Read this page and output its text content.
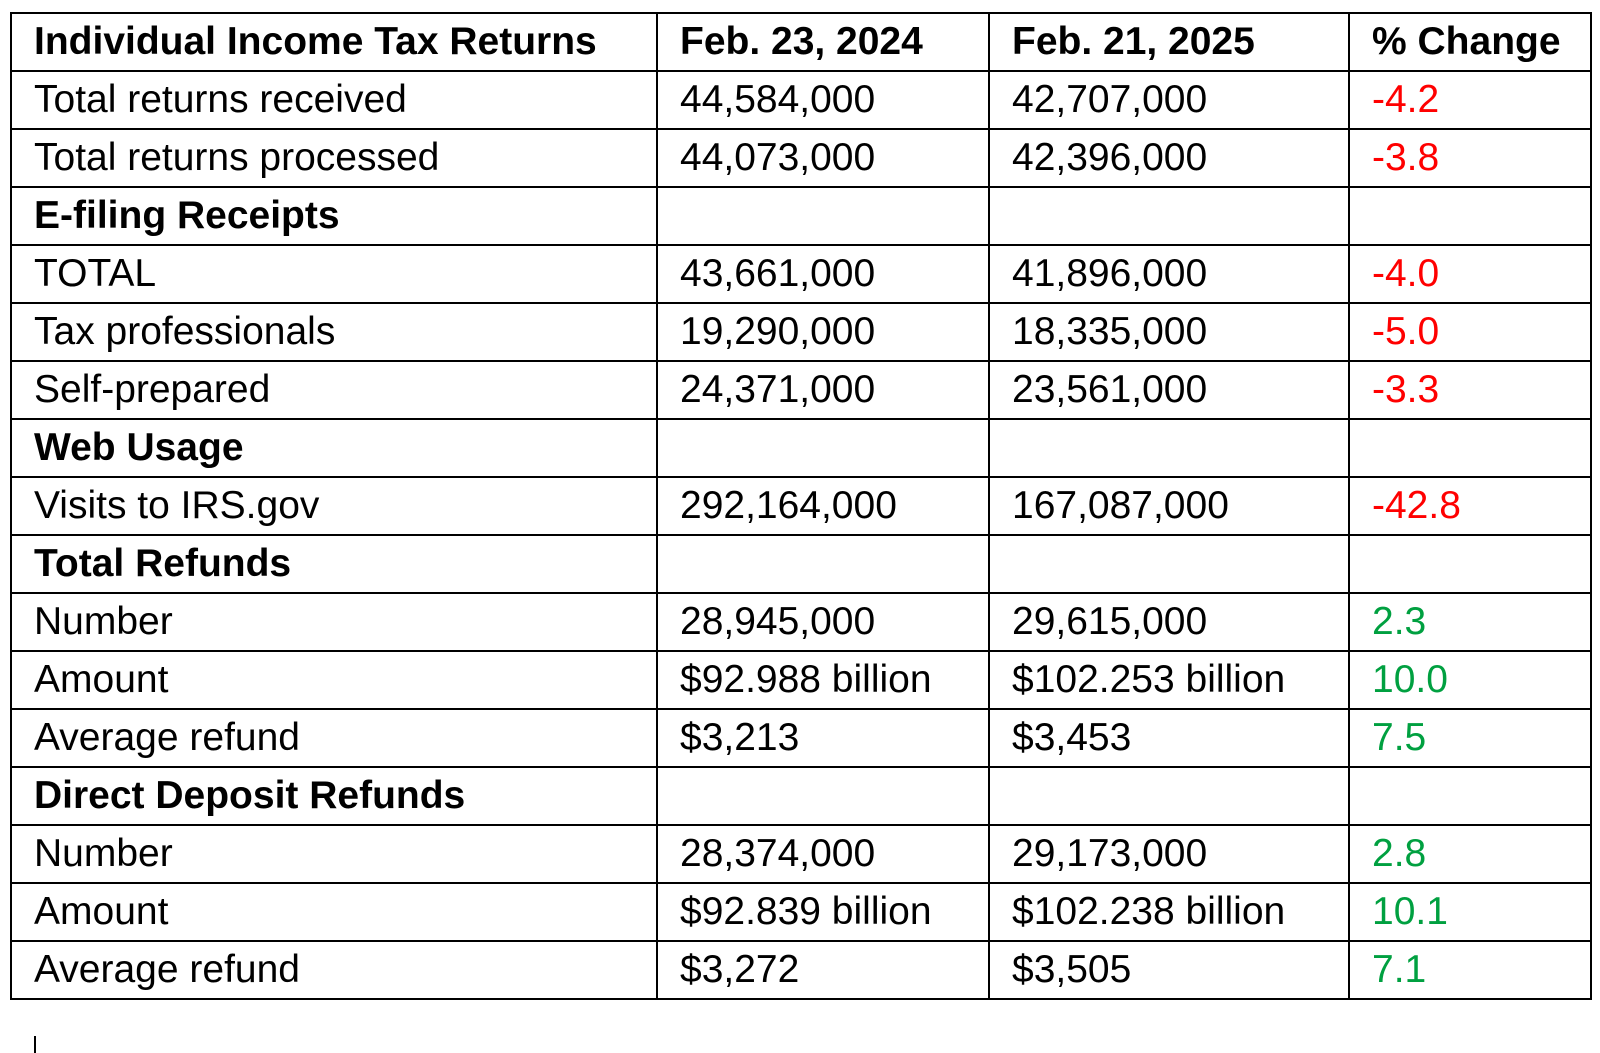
Individual Income Tax Returns	Feb. 23, 2024	Feb. 21, 2025	% Change
Total returns received	44,584,000	42,707,000	-4.2
Total returns processed	44,073,000	42,396,000	-3.8
E-filing Receipts			
TOTAL	43,661,000	41,896,000	-4.0
Tax professionals	19,290,000	18,335,000	-5.0
Self-prepared	24,371,000	23,561,000	-3.3
Web Usage			
Visits to IRS.gov	292,164,000	167,087,000	-42.8
Total Refunds			
Number	28,945,000	29,615,000	2.3
Amount	$92.988 billion	$102.253 billion	10.0
Average refund	$3,213	$3,453	7.5
Direct Deposit Refunds			
Number	28,374,000	29,173,000	2.8
Amount	$92.839 billion	$102.238 billion	10.1
Average refund	$3,272	$3,505	7.1
